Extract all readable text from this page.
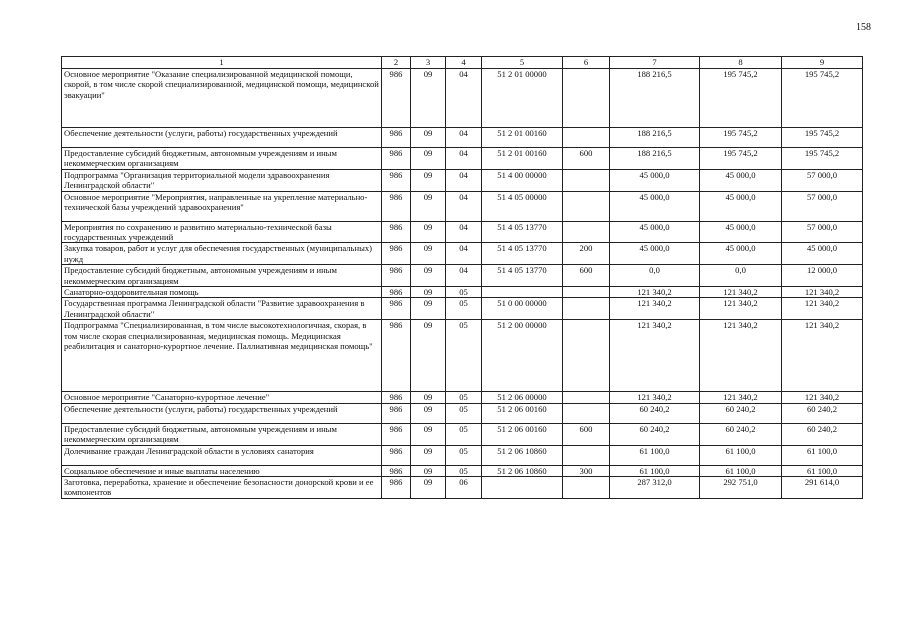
158
1	2	3	4	5	6	7	8	9
Основное мероприятие "Оказание специализированной медицинской помощи, скорой, в том числе скорой специализированной, медицинской помощи, медицинской эвакуации"	986	09	04	51 2 01 00000		188 216,5	195 745,2	195 745,2
Обеспечение деятельности (услуги, работы) государственных учреждений	986	09	04	51 2 01 00160		188 216,5	195 745,2	195 745,2
Предоставление субсидий бюджетным, автономным учреждениям и иным некоммерческим организациям	986	09	04	51 2 01 00160	600	188 216,5	195 745,2	195 745,2
Подпрограмма "Организация территориальной модели здравоохранения Ленинградской области"	986	09	04	51 4 00 00000		45 000,0	45 000,0	57 000,0
Основное мероприятие "Мероприятия, направленные на укрепление материально-технической базы учреждений здравоохранения"	986	09	04	51 4 05 00000		45 000,0	45 000,0	57 000,0
Мероприятия по сохранению и развитию материально-технической базы государственных учреждений	986	09	04	51 4 05 13770		45 000,0	45 000,0	57 000,0
Закупка товаров, работ и услуг для обеспечения государственных (муниципальных) нужд	986	09	04	51 4 05 13770	200	45 000,0	45 000,0	45 000,0
Предоставление субсидий бюджетным, автономным учреждениям и иным некоммерческим организациям	986	09	04	51 4 05 13770	600	0,0	0,0	12 000,0
Санаторно-оздоровительная помощь	986	09	05			121 340,2	121 340,2	121 340,2
Государственная программа Ленинградской области "Развитие здравоохранения в Ленинградской области"	986	09	05	51 0 00 00000		121 340,2	121 340,2	121 340,2
Подпрограмма "Специализированная, в том числе высокотехнологичная, скорая, в том числе скорая специализированная, медицинская помощь. Медицинская реабилитация и санаторно-курортное лечение. Паллиативная медицинская помощь"	986	09	05	51 2 00 00000		121 340,2	121 340,2	121 340,2
Основное мероприятие "Санаторно-курортное лечение"	986	09	05	51 2 06 00000		121 340,2	121 340,2	121 340,2
Обеспечение деятельности (услуги, работы) государственных учреждений	986	09	05	51 2 06 00160		60 240,2	60 240,2	60 240,2
Предоставление субсидий бюджетным, автономным учреждениям и иным некоммерческим организациям	986	09	05	51 2 06 00160	600	60 240,2	60 240,2	60 240,2
Долечивание граждан Ленинградской области в условиях санатория	986	09	05	51 2 06 10860		61 100,0	61 100,0	61 100,0
Социальное обеспечение и иные выплаты населению	986	09	05	51 2 06 10860	300	61 100,0	61 100,0	61 100,0
Заготовка, переработка, хранение и обеспечение безопасности донорской крови и ее компонентов	986	09	06			287 312,0	292 751,0	291 614,0
